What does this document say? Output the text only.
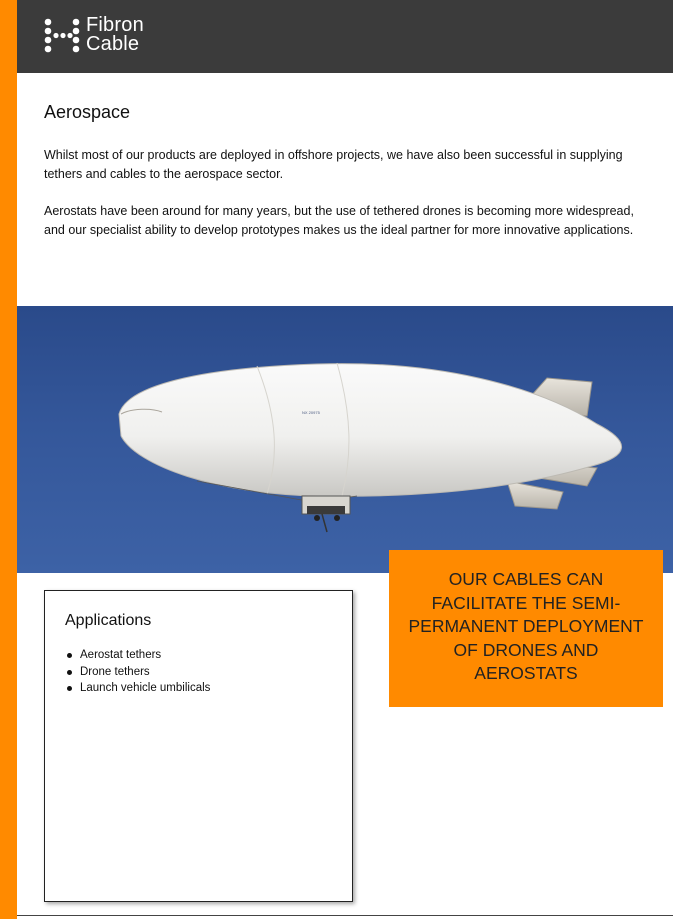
Fibron
Cable
Aerospace

Whilst most of our products are deployed in offshore projects, we have also been successful in supplying tethers and cables to the aerospace sector.

Aerostats have been around for many years, but the use of tethered drones is becoming more widespread, and our specialist ability to develop prototypes makes us the ideal partner for more innovative applications.

NX 20975
OUR CABLES CAN FACILITATE THE SEMI-PERMANENT DEPLOYMENT OF DRONES AND AEROSTATS
Applications
Aerostat tethers
Drone tethers
Launch vehicle umbilicals
